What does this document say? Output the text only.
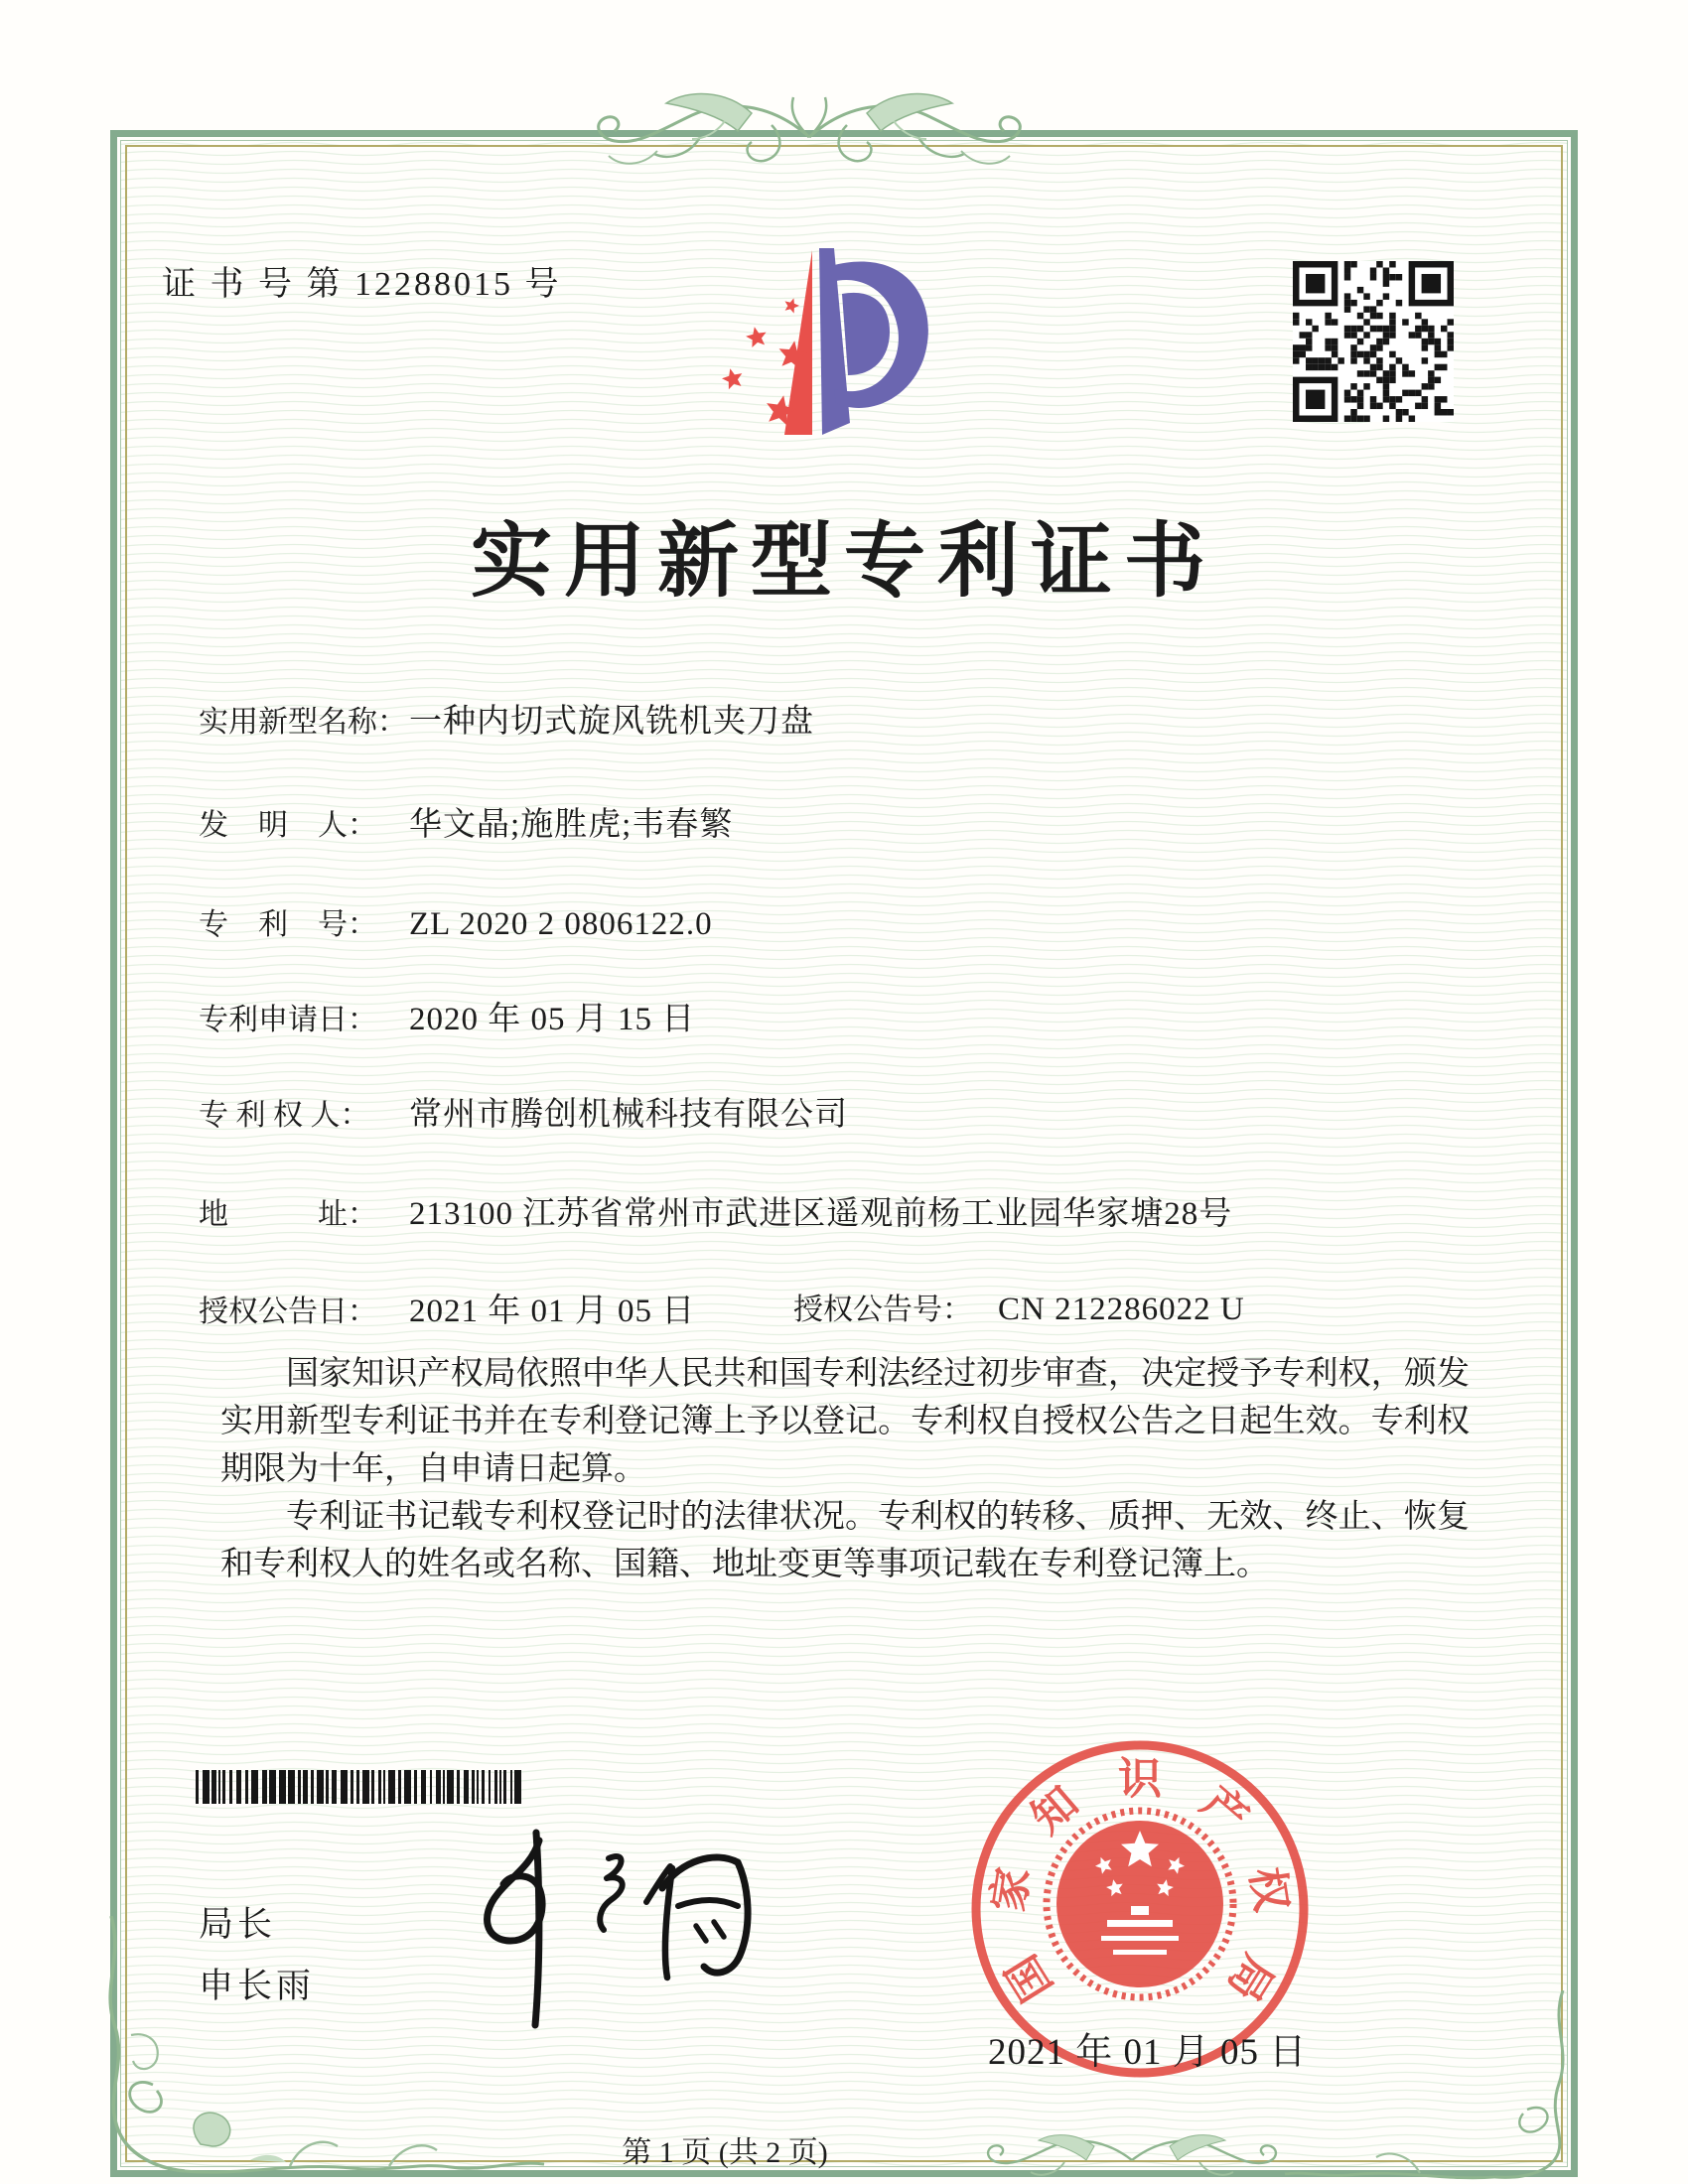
证 书 号 第 12288015 号
实用新型专利证书
实用新型名称：一种内切式旋风铣机夹刀盘
发　明　人： 华文晶;施胜虎;韦春繁
专　利　号： ZL 2020 2 0806122.0
专利申请日： 2020 年 05 月 15 日
专 利 权 人： 常州市腾创机械科技有限公司
地　　　址： 213100 江苏省常州市武进区遥观前杨工业园华家塘28号
授权公告日： 2021 年 01 月 05 日	授权公告号： CN 212286022 U

国家知识产权局依照中华人民共和国专利法经过初步审查，决定授予专利权，颁发实用新型专利证书并在专利登记簿上予以登记。专利权自授权公告之日起生效。专利权期限为十年，自申请日起算。

专利证书记载专利权登记时的法律状况。专利权的转移、质押、无效、终止、恢复和专利权人的姓名或名称、国籍、地址变更等事项记载在专利登记簿上。

局长
申长雨	国
家
知 识 产
权
局
2021 年 01 月 05 日
第 1 页 (共 2 页)
